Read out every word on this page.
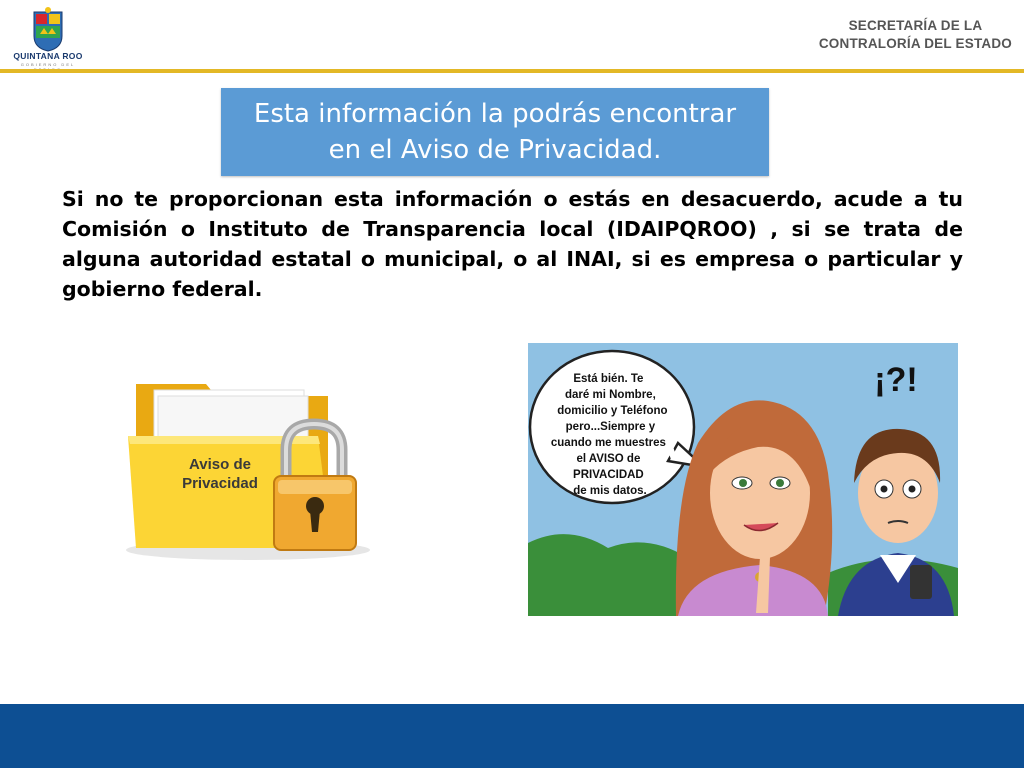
QUINTANA ROO
GOBIERNO DEL
SECRETARÍA DE LA
CONTRALORÍA DEL ESTADO
Esta información la podrás encontrar en el Aviso de Privacidad.
Si no te proporcionan esta información o estás en desacuerdo, acude a tu Comisión o Instituto de Transparencia local (IDAIPQROO) , si se trata de alguna autoridad estatal o municipal, o al INAI, si es empresa o particular y gobierno federal.
Aviso de
Privacidad
Está bién. Te daré mi Nombre, domicilio y Teléfono pero...Siempre y cuando me muestres el AVISO de PRIVACIDAD de mis datos.
¡?!
